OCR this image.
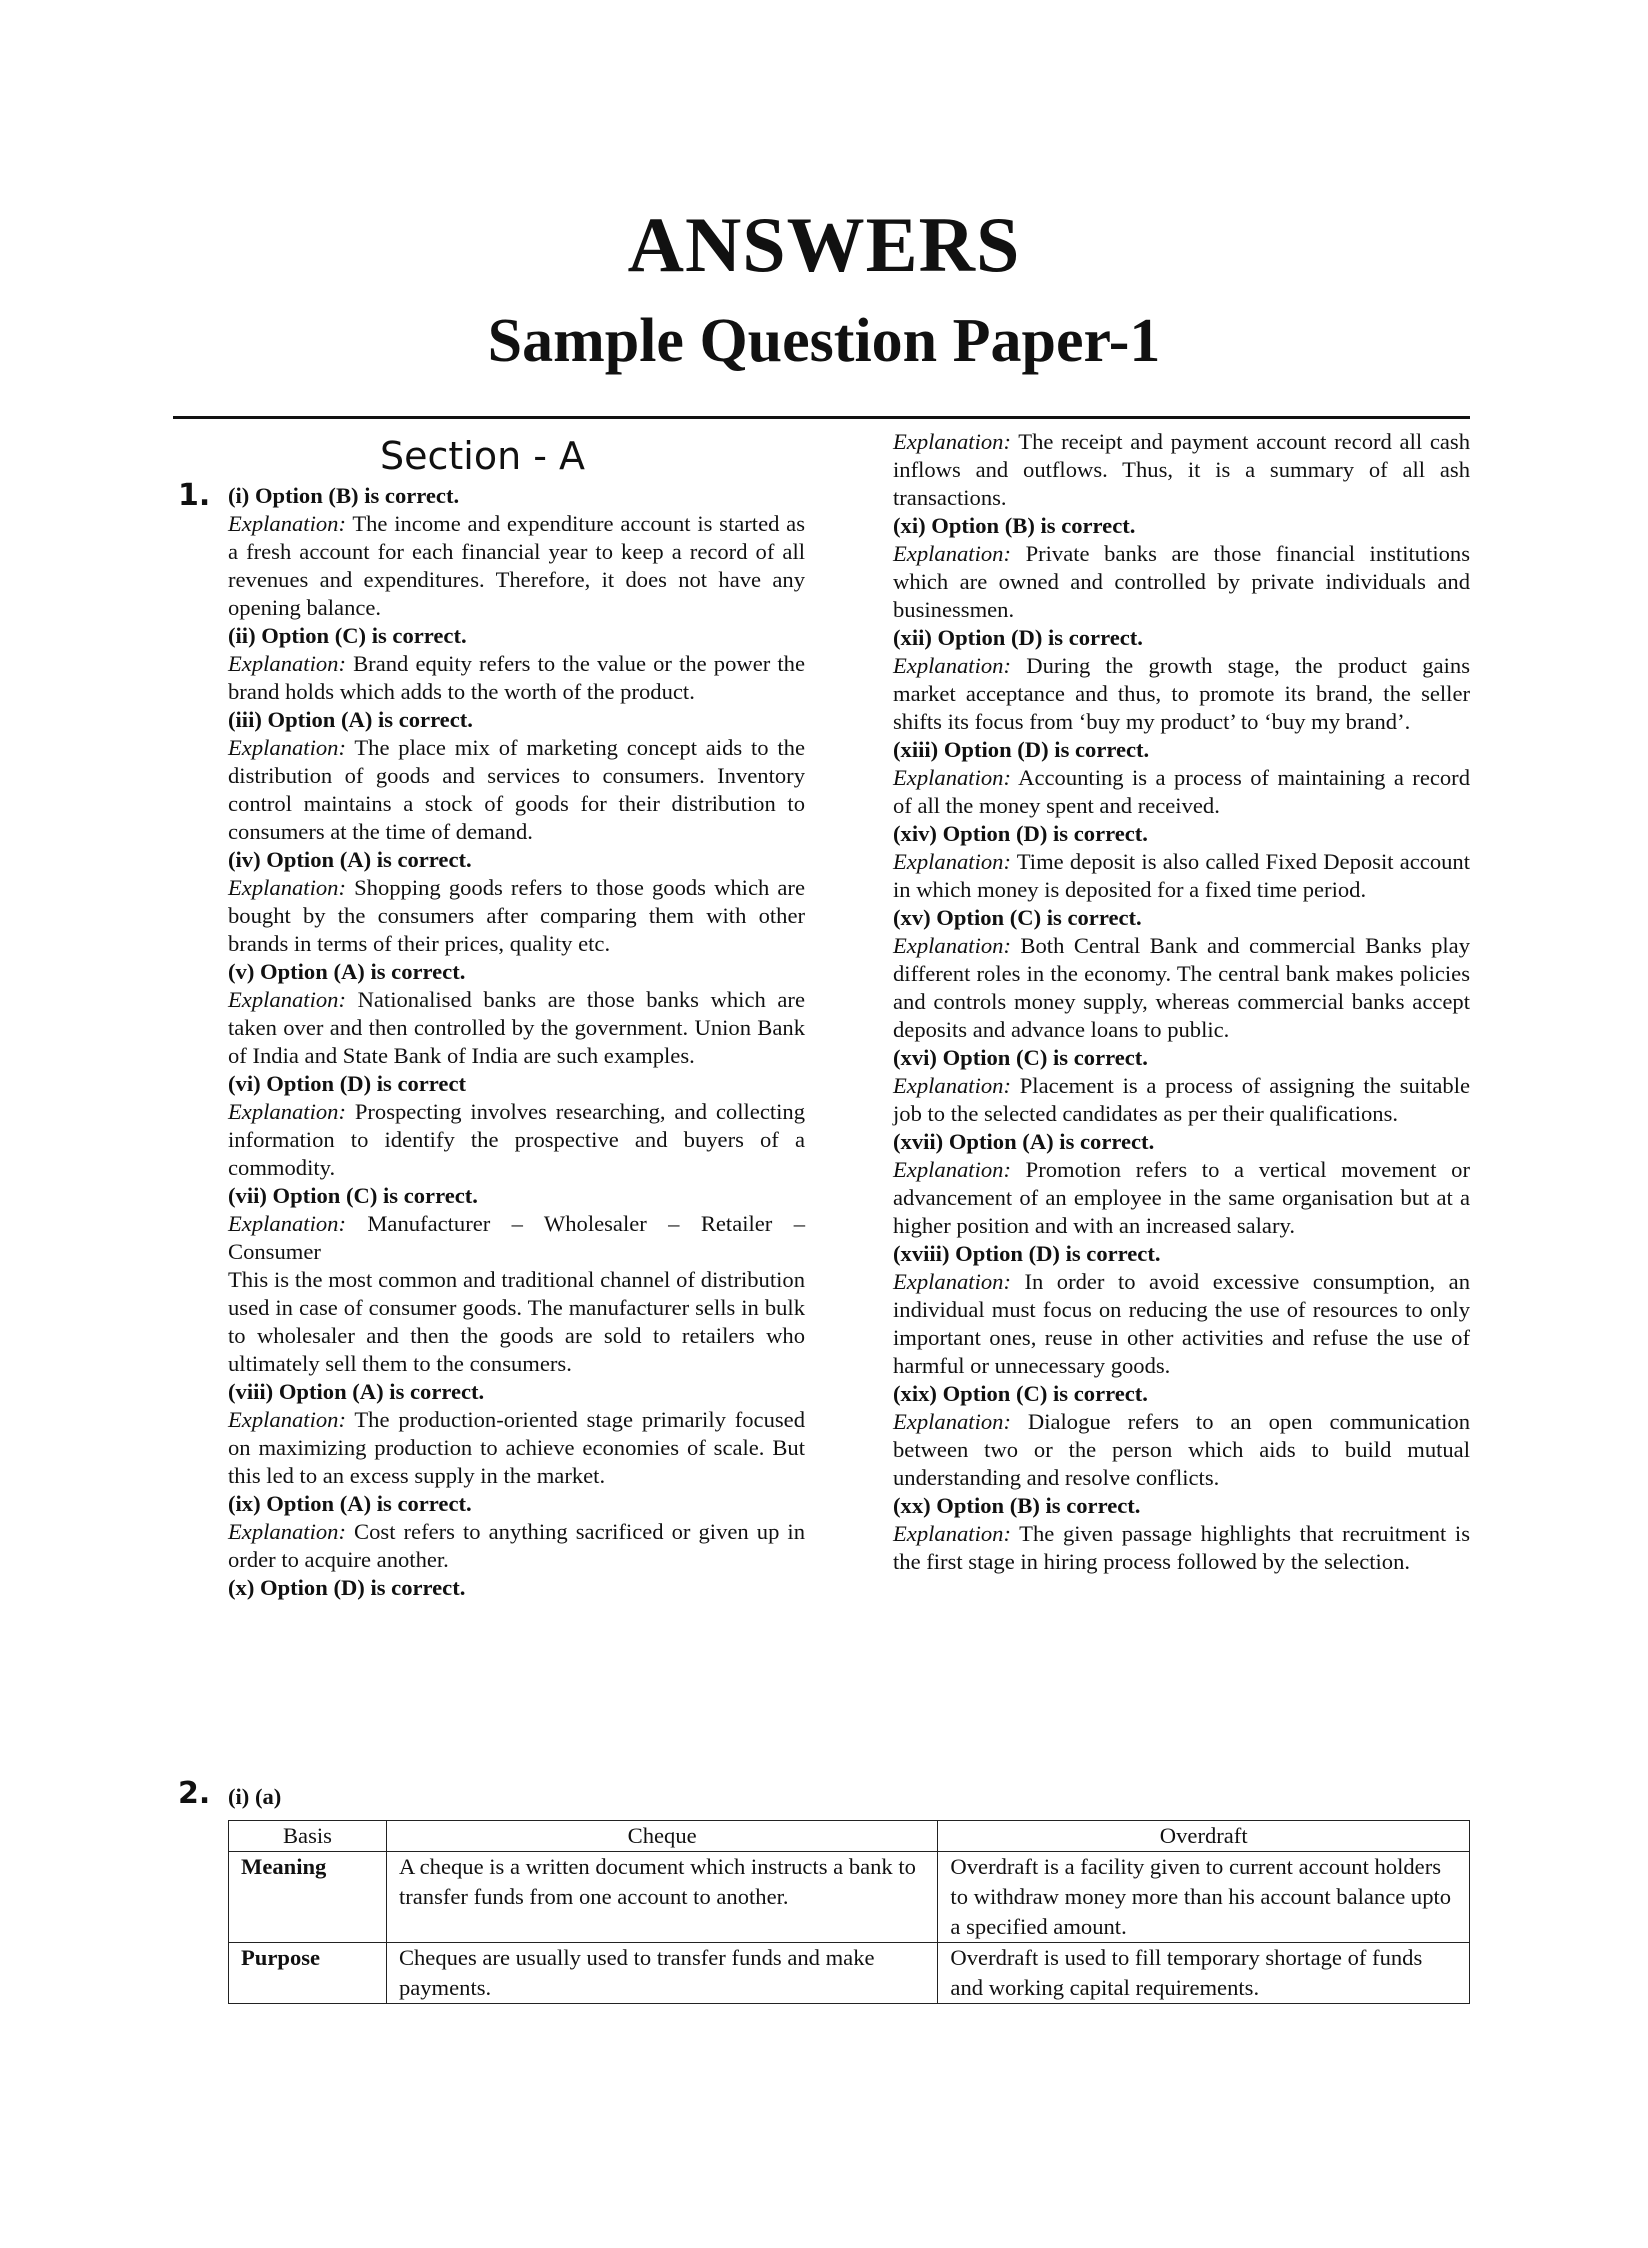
ANSWERS
Sample Question Paper-1
Section - A
1. (i) Option (B) is correct.

Explanation: The income and expenditure account is started as a fresh account for each financial year to keep a record of all revenues and expenditures. Therefore, it does not have any opening balance.

(ii) Option (C) is correct.

Explanation: Brand equity refers to the value or the power the brand holds which adds to the worth of the product.

(iii) Option (A) is correct.

Explanation: The place mix of marketing concept aids to the distribution of goods and services to consumers. Inventory control maintains a stock of goods for their distribution to consumers at the time of demand.

(iv) Option (A) is correct.

Explanation: Shopping goods refers to those goods which are bought by the consumers after comparing them with other brands in terms of their prices, quality etc.

(v) Option (A) is correct.

Explanation: Nationalised banks are those banks which are taken over and then controlled by the government. Union Bank of India and State Bank of India are such examples.

(vi) Option (D) is correct

Explanation: Prospecting involves researching, and collecting information to identify the prospective and buyers of a commodity.

(vii) Option (C) is correct.

Explanation: Manufacturer – Wholesaler – Retailer – Consumer

This is the most common and traditional channel of distribution used in case of consumer goods. The manufacturer sells in bulk to wholesaler and then the goods are sold to retailers who ultimately sell them to the consumers.

(viii) Option (A) is correct.

Explanation: The production-oriented stage primarily focused on maximizing production to achieve economies of scale. But this led to an excess supply in the market.

(ix) Option (A) is correct.

Explanation: Cost refers to anything sacrificed or given up in order to acquire another.

(x) Option (D) is correct.

Explanation: The receipt and payment account record all cash inflows and outflows. Thus, it is a summary of all ash transactions.

(xi) Option (B) is correct.

Explanation: Private banks are those financial institutions which are owned and controlled by private individuals and businessmen.

(xii) Option (D) is correct.

Explanation: During the growth stage, the product gains market acceptance and thus, to promote its brand, the seller shifts its focus from ‘buy my product’ to ‘buy my brand’.

(xiii) Option (D) is correct.

Explanation: Accounting is a process of maintaining a record of all the money spent and received.

(xiv) Option (D) is correct.

Explanation: Time deposit is also called Fixed Deposit account in which money is deposited for a fixed time period.

(xv) Option (C) is correct.

Explanation: Both Central Bank and commercial Banks play different roles in the economy. The central bank makes policies and controls money supply, whereas commercial banks accept deposits and advance loans to public.

(xvi) Option (C) is correct.

Explanation: Placement is a process of assigning the suitable job to the selected candidates as per their qualifications.

(xvii) Option (A) is correct.

Explanation: Promotion refers to a vertical movement or advancement of an employee in the same organisation but at a higher position and with an increased salary.

(xviii) Option (D) is correct.

Explanation: In order to avoid excessive consumption, an individual must focus on reducing the use of resources to only important ones, reuse in other activities and refuse the use of harmful or unnecessary goods.

(xix) Option (C) is correct.

Explanation: Dialogue refers to an open communication between two or the person which aids to build mutual understanding and resolve conflicts.

(xx) Option (B) is correct.

Explanation: The given passage highlights that recruitment is the first stage in hiring process followed by the selection.

2. (i) (a)
Basis	Cheque	Overdraft
Meaning	A cheque is a written document which instructs a bank to transfer funds from one account to another.	Overdraft is a facility given to current account holders to withdraw money more than his account balance upto a specified amount.
Purpose	Cheques are usually used to transfer funds and make payments.	Overdraft is used to fill temporary shortage of funds and working capital requirements.
